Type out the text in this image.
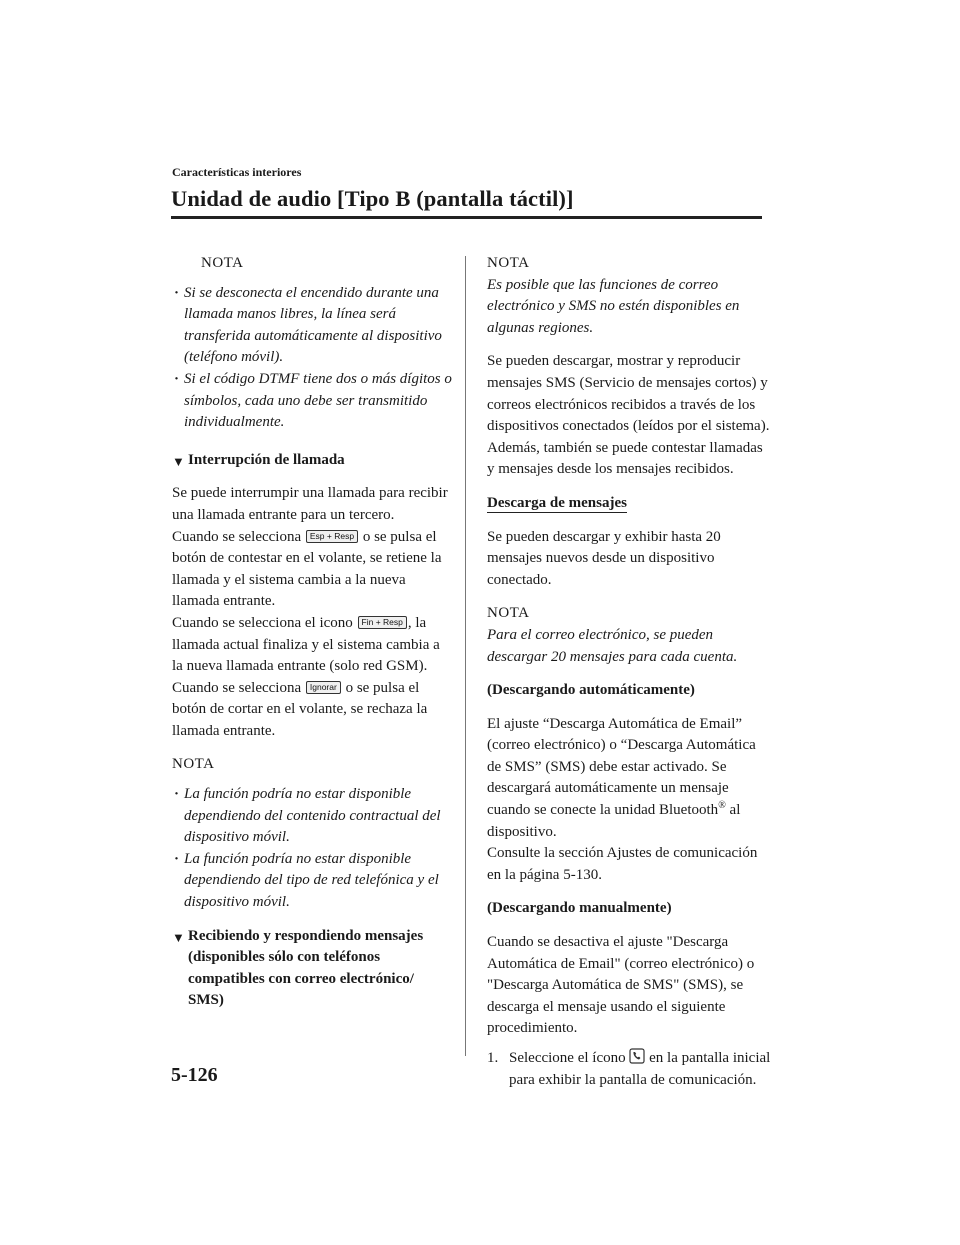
Características interiores
Unidad de audio [Tipo B (pantalla táctil)]

NOTA

· Si se desconecta el encendido durante una llamada manos libres, la línea será transferida automáticamente al dispositivo (teléfono móvil).
· Si el código DTMF tiene dos o más dígitos o símbolos, cada uno debe ser transmitido individualmente.

▼ Interrupción de llamada

Se puede interrumpir una llamada para recibir una llamada entrante para un tercero.

Cuando se selecciona Esp + Resp o se pulsa el botón de contestar en el volante, se retiene la llamada y el sistema cambia a la nueva llamada entrante.

Cuando se selecciona el icono Fin + Resp , la llamada actual finaliza y el sistema cambia a la nueva llamada entrante (solo red GSM).

Cuando se selecciona Ignorar o se pulsa el botón de cortar en el volante, se rechaza la llamada entrante.

NOTA

· La función podría no estar disponible dependiendo del contenido contractual del dispositivo móvil.
· La función podría no estar disponible dependiendo del tipo de red telefónica y el dispositivo móvil.
▼ Recibiendo y respondiendo mensajes
(disponibles sólo con teléfonos
compatibles con correo electrónico/
SMS)

NOTA

Es posible que las funciones de correo electrónico y SMS no estén disponibles en algunas regiones.

Se pueden descargar, mostrar y reproducir mensajes SMS (Servicio de mensajes cortos) y correos electrónicos recibidos a través de los dispositivos conectados (leídos por el sistema).

Además, también se puede contestar llamadas y mensajes desde los mensajes recibidos.

Descarga de mensajes

Se pueden descargar y exhibir hasta 20 mensajes nuevos desde un dispositivo conectado.

NOTA

Para el correo electrónico, se pueden descargar 20 mensajes para cada cuenta.

(Descargando automáticamente)

El ajuste “Descarga Automática de Email” (correo electrónico) o “Descarga Automática de SMS” (SMS) debe estar activado. Se descargará automáticamente un mensaje cuando se conecte la unidad Bluetooth® al dispositivo.

Consulte la sección Ajustes de comunicación en la página 5-130.

(Descargando manualmente)

Cuando se desactiva el ajuste "Descarga Automática de Email" (correo electrónico) o "Descarga Automática de SMS" (SMS), se descarga el mensaje usando el siguiente procedimiento.

1. Seleccione el ícono en la pantalla inicial para exhibir la pantalla de comunicación.
5-126
